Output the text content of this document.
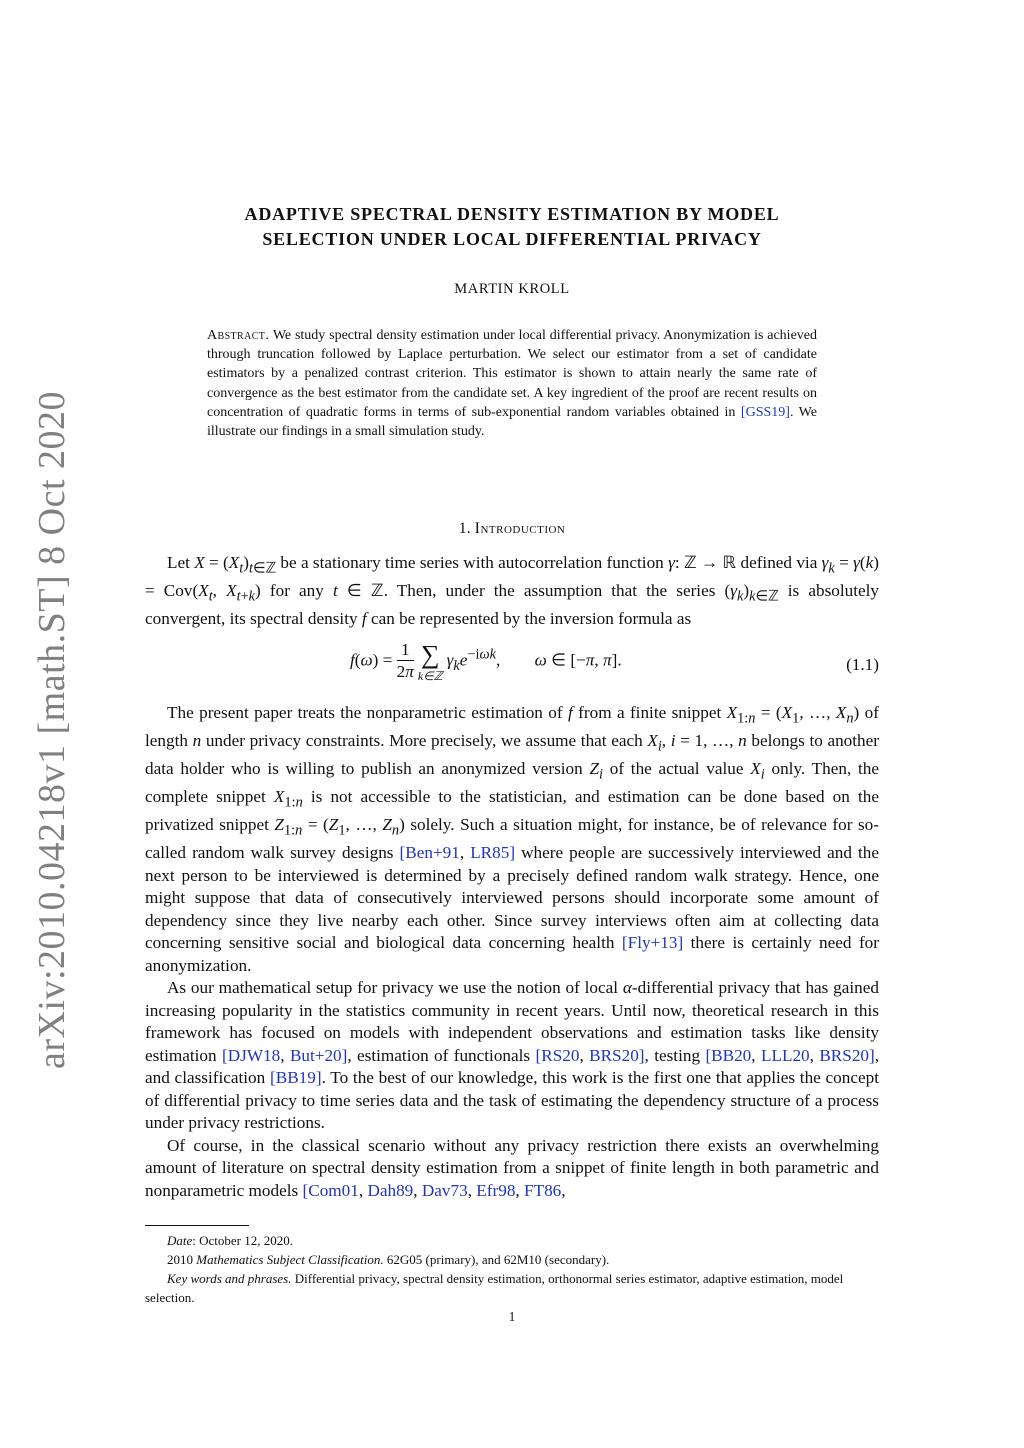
arXiv:2010.04218v1 [math.ST] 8 Oct 2020
ADAPTIVE SPECTRAL DENSITY ESTIMATION BY MODEL
SELECTION UNDER LOCAL DIFFERENTIAL PRIVACY
MARTIN KROLL
Abstract. We study spectral density estimation under local differential privacy. Anonymization is achieved through truncation followed by Laplace perturbation. We select our estimator from a set of candidate estimators by a penalized contrast criterion. This estimator is shown to attain nearly the same rate of convergence as the best estimator from the candidate set. A key ingredient of the proof are recent results on concentration of quadratic forms in terms of sub-exponential random variables obtained in [GSS19]. We illustrate our findings in a small simulation study.
1. Introduction

Let $X = (X_t)_{t\in ℤ}$ be a stationary time series with autocorrelation function γ: ℤ → ℝ defined via $\gamma_k = \gamma(k) = Cov(X_t$, $X_{t+k}$) for any t ∈ ℤ. Then, under the assumption that the series $(\gamma_k)_{k\in ℤ}$ is absolutely convergent, its spectral density f can be represented by the inversion formula as

$f(\omega) = \frac{1}{2\pi}$ ∑
k∈ℤ
$\gamma_ke^{-i\omega k}$,        ω ∈ [−π, π].	(1.1)

The present paper treats the nonparametric estimation of f from a finite snippet $X_{1:n} = (X_1$, …, $X_n$) of length n under privacy constraints. More precisely, we assume that each $X_i$, i = 1, …, n belongs to another data holder who is willing to publish an anonymized version $Z_i$ of the actual value $X_i$ only. Then, the complete snippet $X_{1:n}$ is not accessible to the statistician, and estimation can be done based on the privatized snippet $Z_{1:n} = (Z_1$, …, $Z_n$) solely. Such a situation might, for instance, be of relevance for so-called random walk survey designs [Ben+91, LR85] where people are successively interviewed and the next person to be interviewed is determined by a precisely defined random walk strategy. Hence, one might suppose that data of consecutively interviewed persons should incorporate some amount of dependency since they live nearby each other. Since survey interviews often aim at collecting data concerning sensitive social and biological data concerning health [Fly+13] there is certainly need for anonymization.

As our mathematical setup for privacy we use the notion of local α-differential privacy that has gained increasing popularity in the statistics community in recent years. Until now, theoretical research in this framework has focused on models with independent observations and estimation tasks like density estimation [DJW18, But+20], estimation of functionals [RS20, BRS20], testing [BB20, LLL20, BRS20], and classification [BB19]. To the best of our knowledge, this work is the first one that applies the concept of differential privacy to time series data and the task of estimating the dependency structure of a process under privacy restrictions.

Of course, in the classical scenario without any privacy restriction there exists an overwhelming amount of literature on spectral density estimation from a snippet of finite length in both parametric and nonparametric models [Com01, Dah89, Dav73, Efr98, FT86,

Date: October 12, 2020.
2010 Mathematics Subject Classification. 62G05 (primary), and 62M10 (secondary).
Key words and phrases. Differential privacy, spectral density estimation, orthonormal series estimator, adaptive estimation, model selection.
1
